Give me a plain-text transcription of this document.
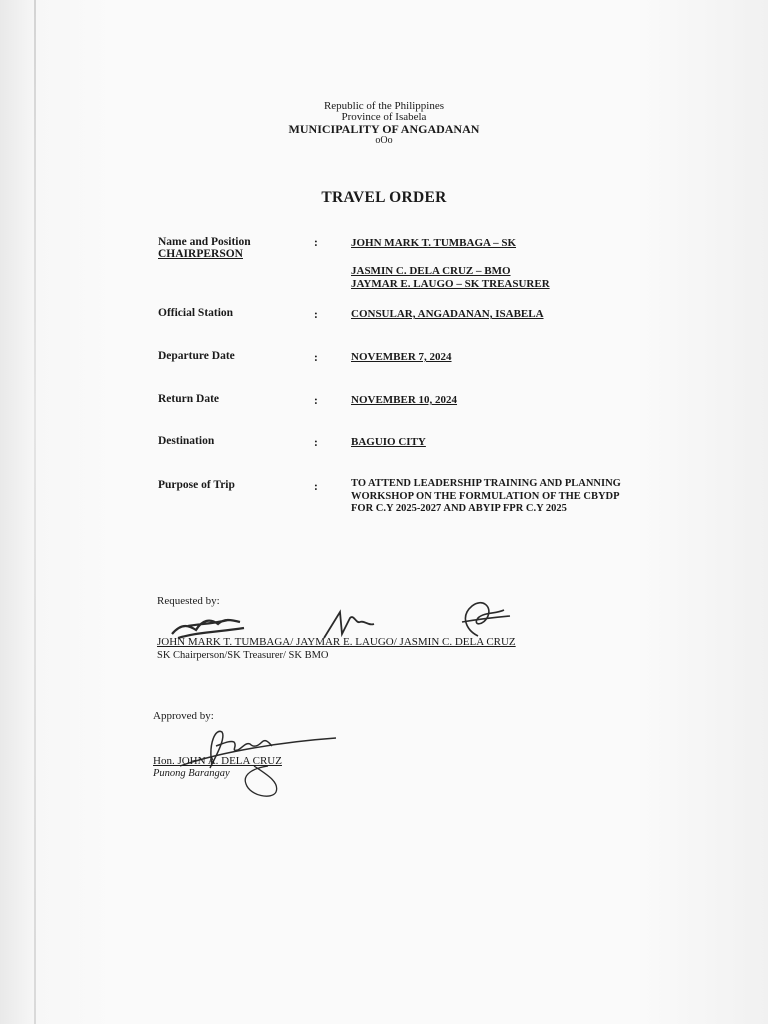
Republic of the Philippines
Province of Isabela
MUNICIPALITY OF ANGADANAN
oOo
TRAVEL ORDER
Name and Position
CHAIRPERSON
:	JOHN MARK T. TUMBAGA – SK
JASMIN C. DELA CRUZ – BMO
JAYMAR E. LAUGO – SK TREASURER
Official Station	:	CONSULAR, ANGADANAN, ISABELA
Departure Date	:	NOVEMBER 7, 2024
Return Date	:	NOVEMBER 10, 2024
Destination	:	BAGUIO CITY
Purpose of Trip	:	TO ATTEND LEADERSHIP TRAINING AND PLANNING WORKSHOP ON THE FORMULATION OF THE CBYDP FOR C.Y 2025-2027 AND ABYIP FPR C.Y 2025
Requested by:
JOHN MARK T. TUMBAGA/ JAYMAR E. LAUGO/ JASMIN C. DELA CRUZ
SK Chairperson/SK Treasurer/ SK BMO
Approved by:
Hon. JOHN A. DELA CRUZ
Punong Barangay
